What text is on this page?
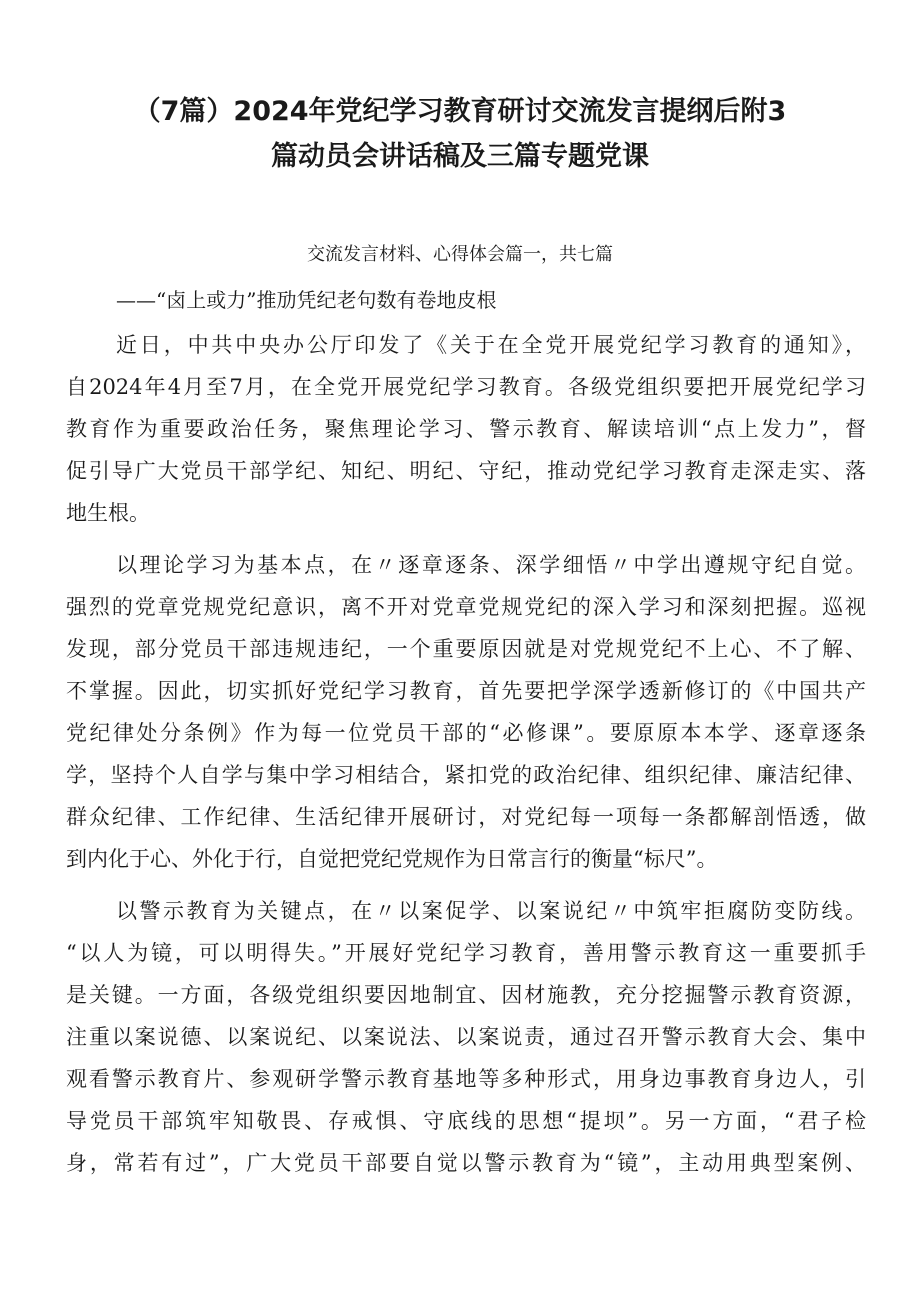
（7篇）2024年党纪学习教育研讨交流发言提纲后附3
篇动员会讲话稿及三篇专题党课
交流发言材料、心得体会篇一，共七篇
——“卤上或力”推劢凭纪老句数有卷地皮根
近日，中共中央办公厅印发了《关于在全党开展党纪学习教育的通知》，
自2024年4月至7月，在全党开展党纪学习教育。各级党组织要把开展党纪学习
教育作为重要政治任务，聚焦理论学习、警示教育、解读培训“点上发力”，督
促引导广大党员干部学纪、知纪、明纪、守纪，推动党纪学习教育走深走实、落
地生根。
以理论学习为基本点，在〃逐章逐条、深学细悟〃中学出遵规守纪自觉。
强烈的党章党规党纪意识，离不开对党章党规党纪的深入学习和深刻把握。巡视
发现，部分党员干部违规违纪，一个重要原因就是对党规党纪不上心、不了解、
不掌握。因此，切实抓好党纪学习教育，首先要把学深学透新修订的《中国共产
党纪律处分条例》作为每一位党员干部的“必修课”。要原原本本学、逐章逐条
学，坚持个人自学与集中学习相结合，紧扣党的政治纪律、组织纪律、廉洁纪律、
群众纪律、工作纪律、生活纪律开展研讨，对党纪每一项每一条都解剖悟透，做
到内化于心、外化于行，自觉把党纪党规作为日常言行的衡量“标尺”。
以警示教育为关键点，在〃以案促学、以案说纪〃中筑牢拒腐防变防线。
“以人为镜，可以明得失。”开展好党纪学习教育，善用警示教育这一重要抓手
是关键。一方面，各级党组织要因地制宜、因材施教，充分挖掘警示教育资源，
注重以案说德、以案说纪、以案说法、以案说责，通过召开警示教育大会、集中
观看警示教育片、参观研学警示教育基地等多种形式，用身边事教育身边人，引
导党员干部筑牢知敬畏、存戒惧、守底线的思想“提坝”。另一方面，“君子检
身，常若有过”，广大党员干部要自觉以警示教育为“镜”，主动用典型案例、
